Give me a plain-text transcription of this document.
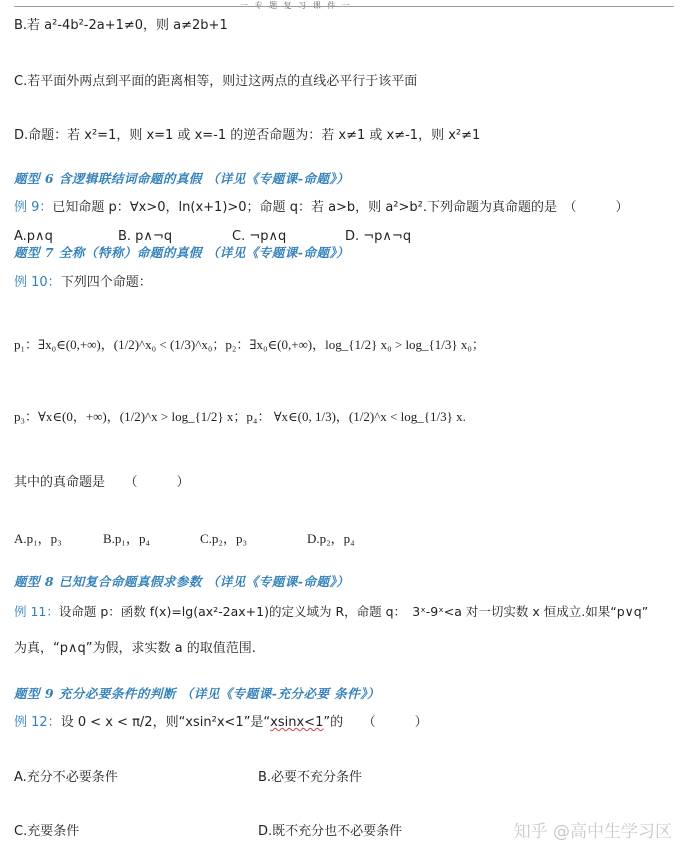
一 专 题 复 习 课 件 一
B.若 a²-4b²-2a+1≠0，则 a≠2b+1
C.若平面外两点到平面的距离相等，则过这两点的直线必平行于该平面
D.命题：若 x²=1，则 x=1 或 x=-1 的逆否命题为：若 x≠1 或 x≠-1，则 x²≠1
题型 6 含逻辑联结词命题的真假 （详见《专题课-命题》）
例 9：已知命题 p：∀x>0，ln(x+1)>0；命题 q：若 a>b，则 a²>b².下列命题为真命题的是　（　　　）
A.p∧q	B. p∧¬q	C. ¬p∧q	D. ¬p∧¬q
题型 7 全称（特称）命题的真假 （详见《专题课-命题》）
例 10：下列四个命题：
p₁：∃x₀∈(0,+∞)，(1/2)^x₀ < (1/3)^x₀；p₂：∃x₀∈(0,+∞)，log_{1/2} x₀ > log_{1/3} x₀；
p₃：∀x∈(0，+∞)，(1/2)^x > log_{1/2} x；p₄： ∀x∈(0, 1/3)，(1/2)^x < log_{1/3} x.
其中的真命题是　　（　　　）
A.p₁，p₃	B.p₁，p₄	C.p₂，p₃	D.p₂，p₄
题型 8 已知复合命题真假求参数 （详见《专题课-命题》）
例 11：设命题 p：函数 f(x)=lg(ax²-2ax+1)的定义域为 R，命题 q：　3ˣ-9ˣ<a 对一切实数 x 恒成立.如果“p∨q”
为真，“p∧q”为假，求实数 a 的取值范围.
题型 9 充分必要条件的判断 （详见《专题课-充分必要 条件》）
例 12：设 0 < x < π/2，则“xsin²x<1”是“xsinx<1”的　　（　　　）
A.充分不必要条件	B.必要不充分条件
C.充要条件	D.既不充分也不必要条件	知乎 @高中生学习区
